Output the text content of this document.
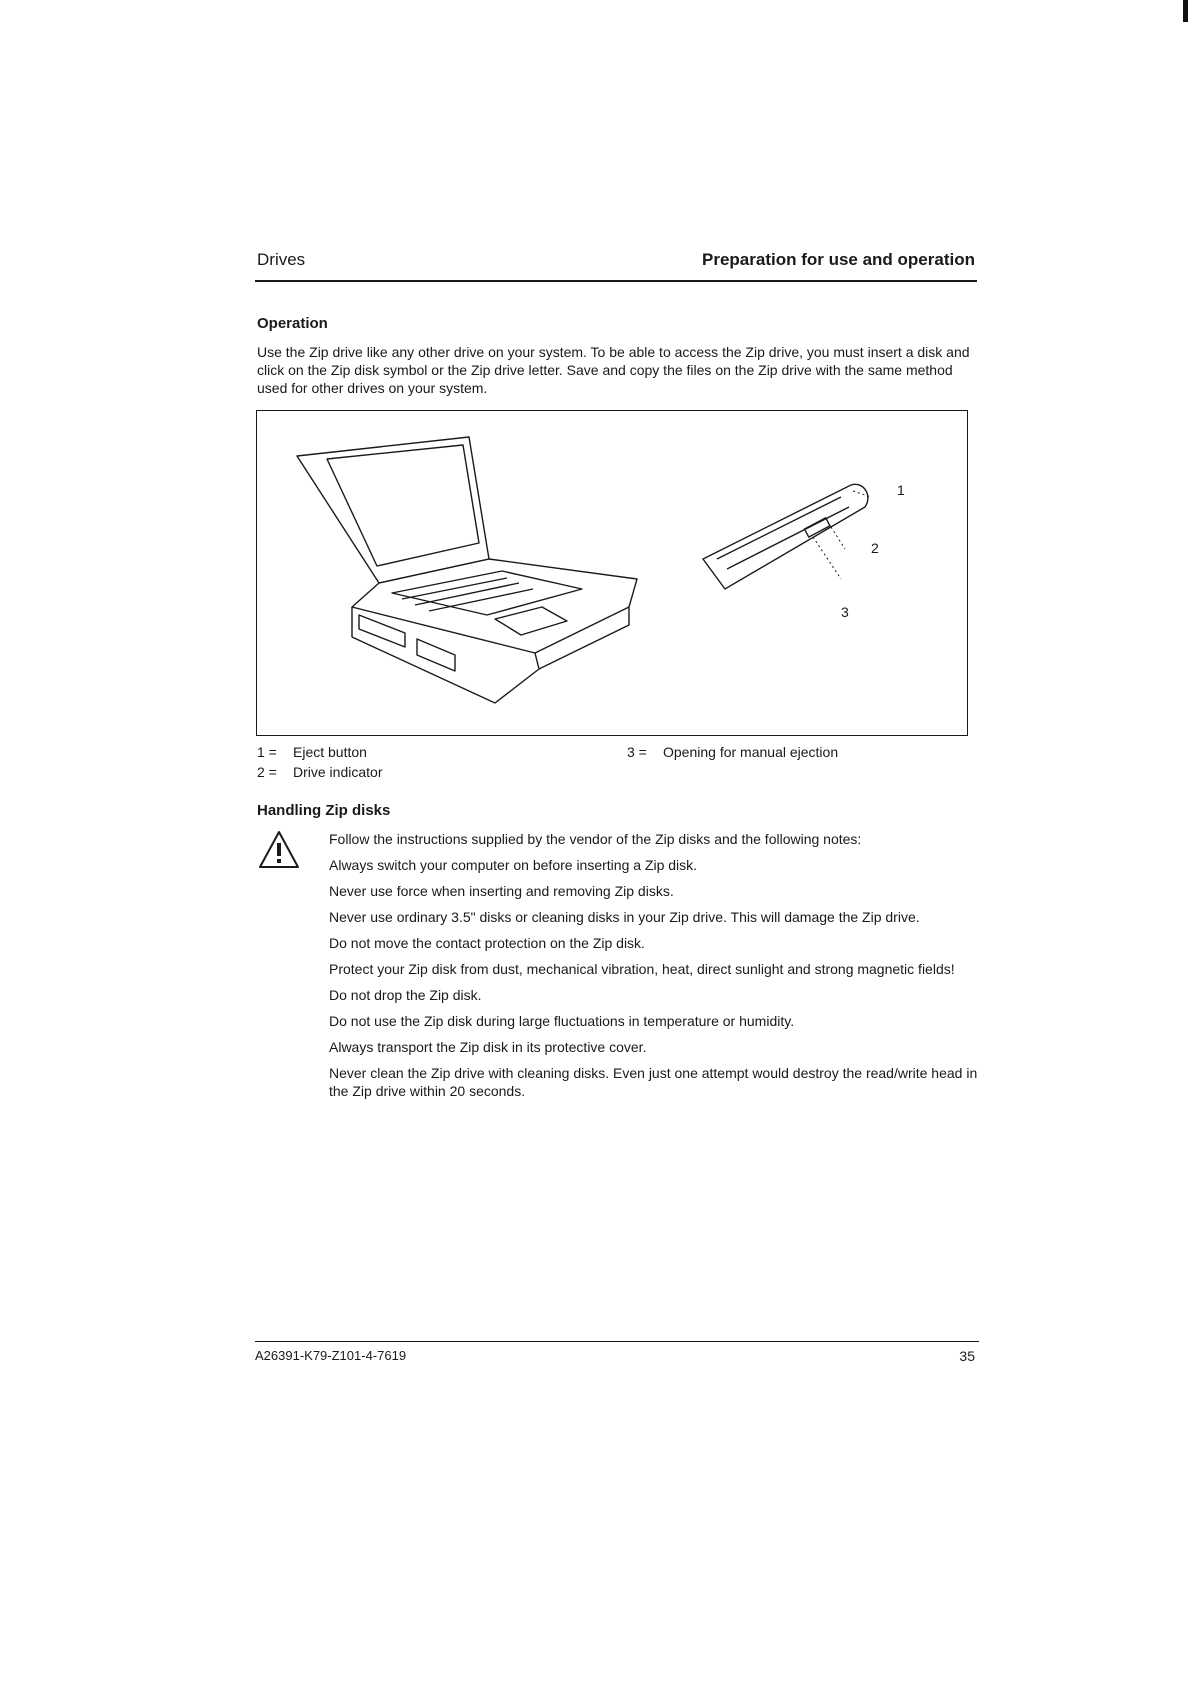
Drives	Preparation for use and operation
Operation
Use the Zip drive like any other drive on your system. To be able to access the Zip drive, you must insert a disk and click on the Zip disk symbol or the Zip drive letter. Save and copy the files on the Zip drive with the same method used for other drives on your system.
1
2
3
1 = Eject button
2 = Drive indicator
3 = Opening for manual ejection
Handling Zip disks
Follow the instructions supplied by the vendor of the Zip disks and the following notes:
Always switch your computer on before inserting a Zip disk.
Never use force when inserting and removing Zip disks.
Never use ordinary 3.5" disks or cleaning disks in your Zip drive. This will damage the Zip drive.
Do not move the contact protection on the Zip disk.
Protect your Zip disk from dust, mechanical vibration, heat, direct sunlight and strong magnetic fields!
Do not drop the Zip disk.
Do not use the Zip disk during large fluctuations in temperature or humidity.
Always transport the Zip disk in its protective cover.
Never clean the Zip drive with cleaning disks. Even just one attempt would destroy the read/write head in the Zip drive within 20 seconds.
A26391-K79-Z101-4-7619	35
